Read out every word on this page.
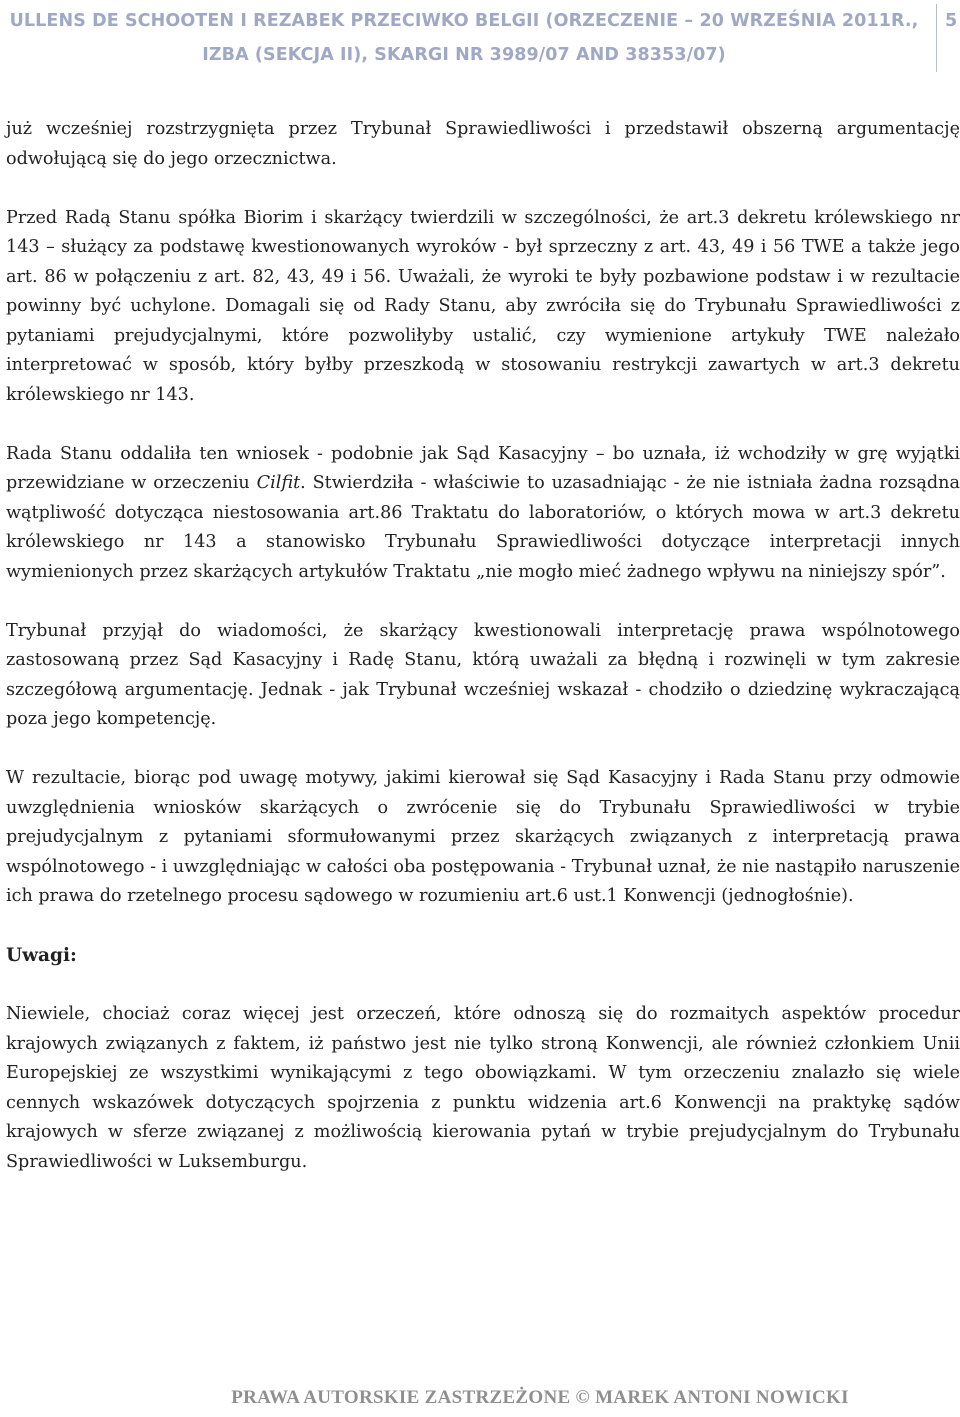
ULLENS DE SCHOOTEN I REZABEK PRZECIWKO BELGII (ORZECZENIE – 20 WRZEŚNIA 2011R.,
IZBA (SEKCJA II), SKARGI NR 3989/07 AND 38353/07)
5

już wcześniej rozstrzygnięta przez Trybunał Sprawiedliwości i przedstawił obszerną argumentację odwołującą się do jego orzecznictwa.

Przed Radą Stanu spółka Biorim i skarżący twierdzili w szczególności, że art.3 dekretu królewskiego nr 143 – służący za podstawę kwestionowanych wyroków - był sprzeczny z art. 43, 49 i 56 TWE a także jego art. 86 w połączeniu z art. 82, 43, 49 i 56. Uważali, że wyroki te były pozbawione podstaw i w rezultacie powinny być uchylone. Domagali się od Rady Stanu, aby zwróciła się do Trybunału Sprawiedliwości z pytaniami prejudycjalnymi, które pozwoliłyby ustalić, czy wymienione artykuły TWE należało interpretować w sposób, który byłby przeszkodą w stosowaniu restrykcji zawartych w art.3 dekretu królewskiego nr 143.

Rada Stanu oddaliła ten wniosek - podobnie jak Sąd Kasacyjny – bo uznała, iż wchodziły w grę wyjątki przewidziane w orzeczeniu Cilfit. Stwierdziła - właściwie to uzasadniając - że nie istniała żadna rozsądna wątpliwość dotycząca niestosowania art.86 Traktatu do laboratoriów, o których mowa w art.3 dekretu królewskiego nr 143 a stanowisko Trybunału Sprawiedliwości dotyczące interpretacji innych wymienionych przez skarżących artykułów Traktatu „nie mogło mieć żadnego wpływu na niniejszy spór”.

Trybunał przyjął do wiadomości, że skarżący kwestionowali interpretację prawa wspólnotowego zastosowaną przez Sąd Kasacyjny i Radę Stanu, którą uważali za błędną i rozwinęli w tym zakresie szczegółową argumentację. Jednak - jak Trybunał wcześniej wskazał - chodziło o dziedzinę wykraczającą poza jego kompetencję.

W rezultacie, biorąc pod uwagę motywy, jakimi kierował się Sąd Kasacyjny i Rada Stanu przy odmowie uwzględnienia wniosków skarżących o zwrócenie się do Trybunału Sprawiedliwości w trybie prejudycjalnym z pytaniami sformułowanymi przez skarżących związanych z interpretacją prawa wspólnotowego - i uwzględniając w całości oba postępowania - Trybunał uznał, że nie nastąpiło naruszenie ich prawa do rzetelnego procesu sądowego w rozumieniu art.6 ust.1 Konwencji (jednogłośnie).

Uwagi:

Niewiele, chociaż coraz więcej jest orzeczeń, które odnoszą się do rozmaitych aspektów procedur krajowych związanych z faktem, iż państwo jest nie tylko stroną Konwencji, ale również członkiem Unii Europejskiej ze wszystkimi wynikającymi z tego obowiązkami. W tym orzeczeniu znalazło się wiele cennych wskazówek dotyczących spojrzenia z punktu widzenia art.6 Konwencji na praktykę sądów krajowych w sferze związanej z możliwością kierowania pytań w trybie prejudycjalnym do Trybunału Sprawiedliwości w Luksemburgu.

PRAWA AUTORSKIE ZASTRZEŻONE © MAREK ANTONI NOWICKI
